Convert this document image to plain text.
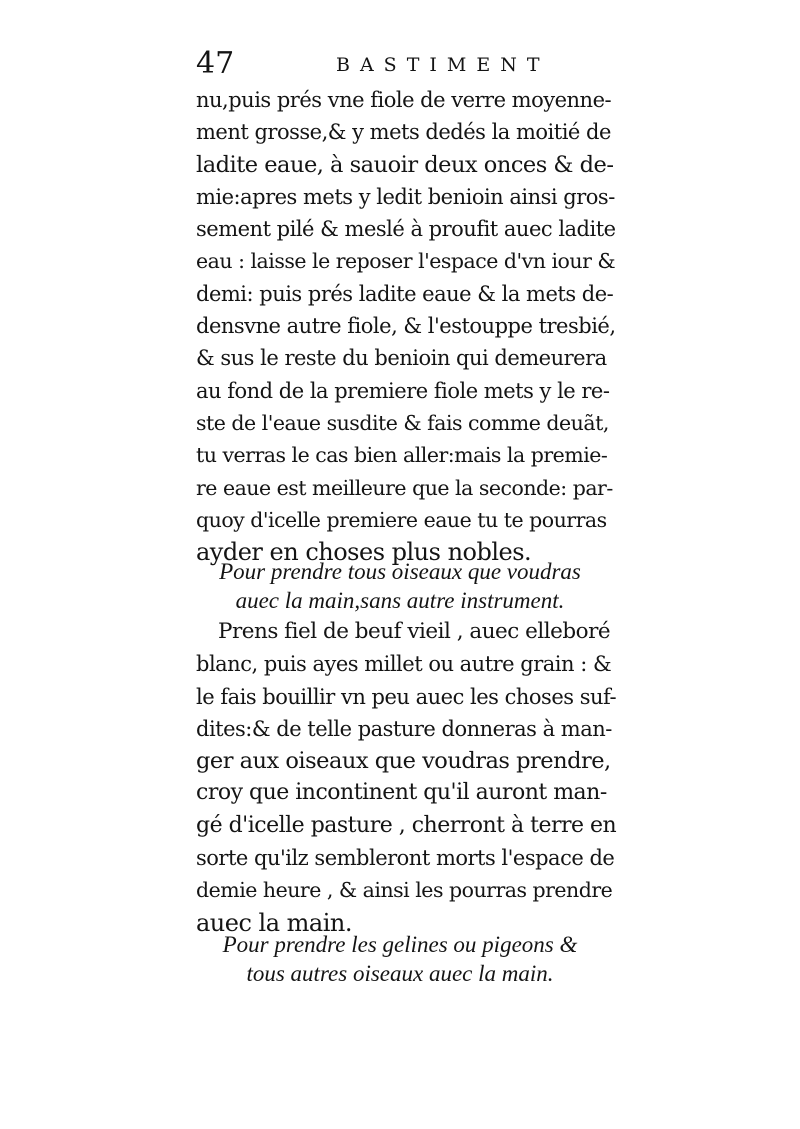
47	BASTIMENT
nu,puis prés vne fiole de verre moyenne-
ment grosse,& y mets dedés la moitié de
ladite eaue, à sauoir deux onces & de-
mie:apres mets y ledit benioin ainsi gros-
sement pilé & meslé à proufit auec ladite
eau : laisse le reposer l'espace d'vn iour &
demi: puis prés ladite eaue & la mets de-
densvne autre fiole, & l'estouppe tresbié,
& sus le reste du benioin qui demeurera
au fond de la premiere fiole mets y le re-
ste de l'eaue susdite & fais comme deuãt,
tu verras le cas bien aller:mais la premie-
re eaue est meilleure que la seconde: par-
quoy d'icelle premiere eaue tu te pourras
ayder en choses plus nobles.
Pour prendre tous oiseaux que voudras
auec la main,sans autre instrument.
Prens fiel de beuf vieil , auec elleboré
blanc, puis ayes millet ou autre grain : &
le fais bouillir vn peu auec les choses suf-
dites:& de telle pasture donneras à man-
ger aux oiseaux que voudras prendre,
croy que incontinent qu'il auront man-
gé d'icelle pasture , cherront à terre en
sorte qu'ilz sembleront morts l'espace de
demie heure , & ainsi les pourras prendre
auec la main.
Pour prendre les gelines ou pigeons &
tous autres oiseaux auec la main.
